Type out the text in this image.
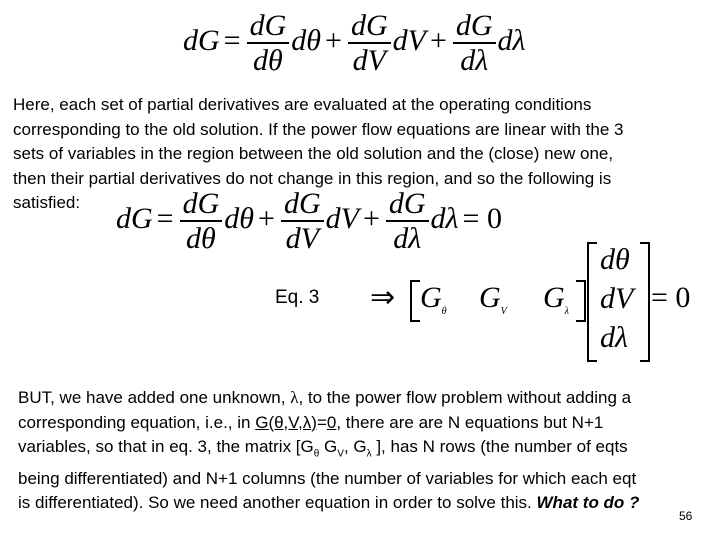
dG = $\frac{dG}{d\theta}$ $d\theta + \frac{dG}{dV}$ dV + $\frac{dG}{d\lambda}$ dλ
Here, each set of partial derivatives are evaluated at the operating conditions
corresponding to the old solution. If the power flow equations are linear with the 3
sets of variables in the region between the old solution and the (close) new one,
then their partial derivatives do not change in this region, and so the following is
satisfied:	dG = $\frac{dG}{d\theta}$ $d\theta + \frac{dG}{dV}$ dV + $\frac{dG}{d\lambda}$ dλ = 0
Eq. 3 ⇒ $G_\theta$ $G_V$ $G_\lambda$
dθ
dV
dλ
= 0
BUT, we have added one unknown, λ, to the power flow problem without adding a
corresponding equation, i.e., in G(θ,V,λ)=0, there are are N equations but N+1
variables, so that in eq. 3, the matrix [$G_\theta$ $G_V$, $G_\lambda$ ], has N rows (the number of eqts
being differentiated) and N+1 columns (the number of variables for which each eqt
is differentiated). So we need another equation in order to solve this. What to do ?
56
